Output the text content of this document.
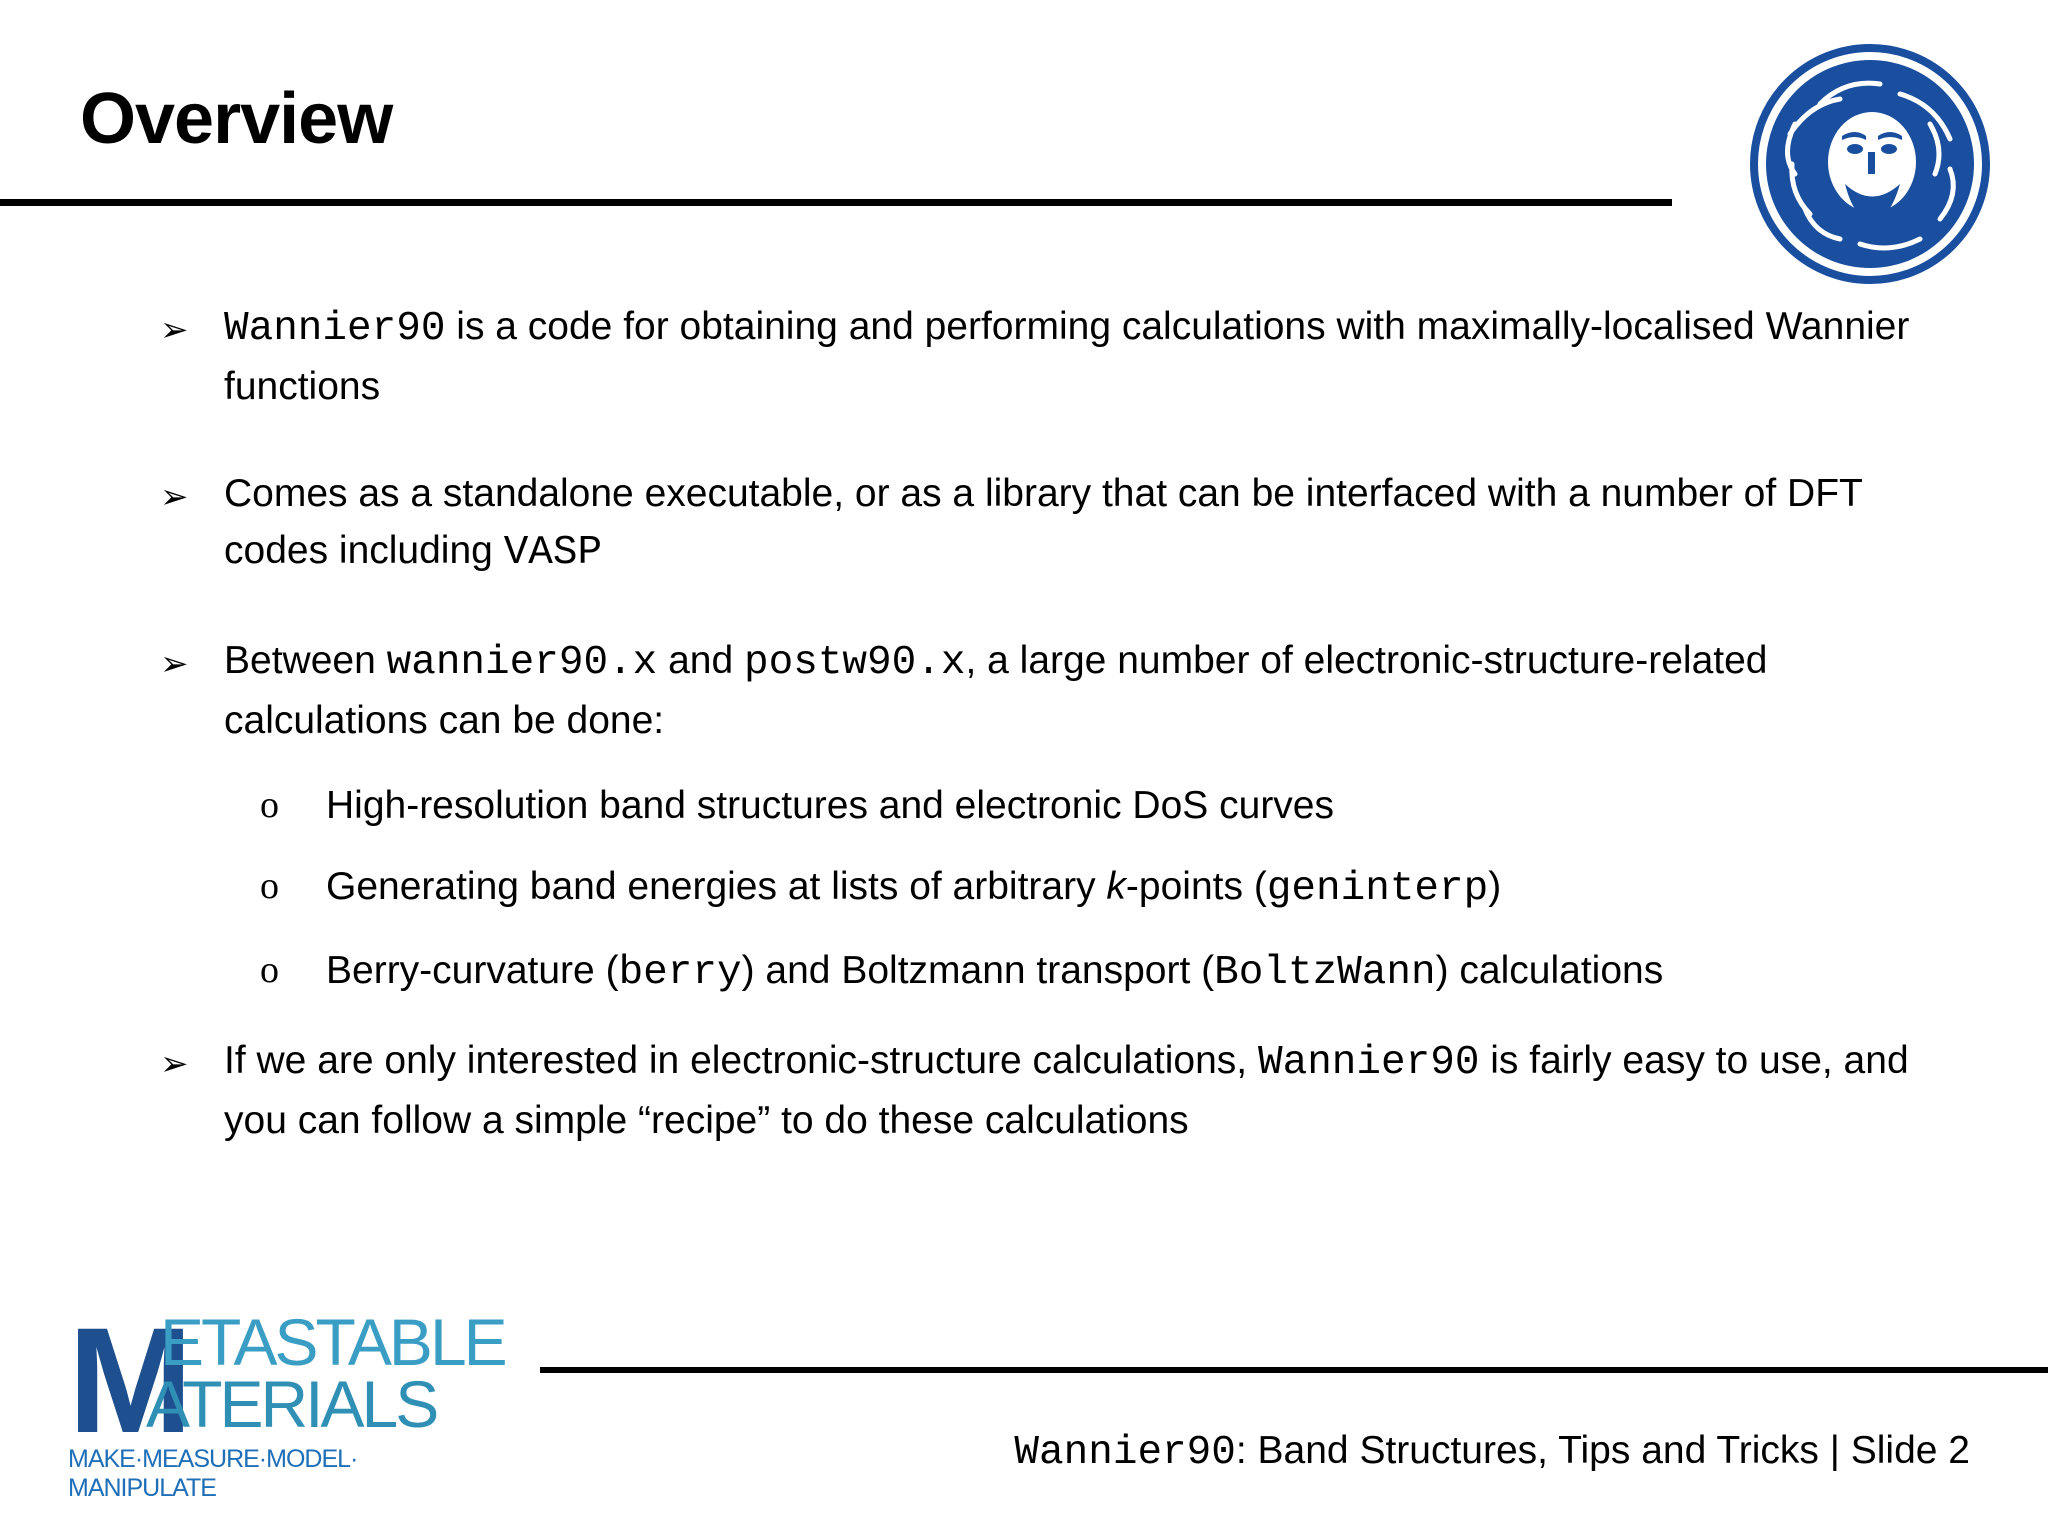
Overview
➢ Wannier90 is a code for obtaining and performing calculations with maximally-localised Wannier functions
➢ Comes as a standalone executable, or as a library that can be interfaced with a number of DFT codes including VASP
➢ Between wannier90.x and postw90.x, a large number of electronic-structure-related calculations can be done:
o High-resolution band structures and electronic DoS curves
o Generating band energies at lists of arbitrary k-points (geninterp)
o Berry-curvature (berry) and Boltzmann transport (BoltzWann) calculations
➢ If we are only interested in electronic-structure calculations, Wannier90 is fairly easy to use, and you can follow a simple “recipe” to do these calculations
M
ETASTABLE
ATERIALS
MAKE·MEASURE·MODEL· MANIPULATE
Wannier90: Band Structures, Tips and Tricks | Slide 2
